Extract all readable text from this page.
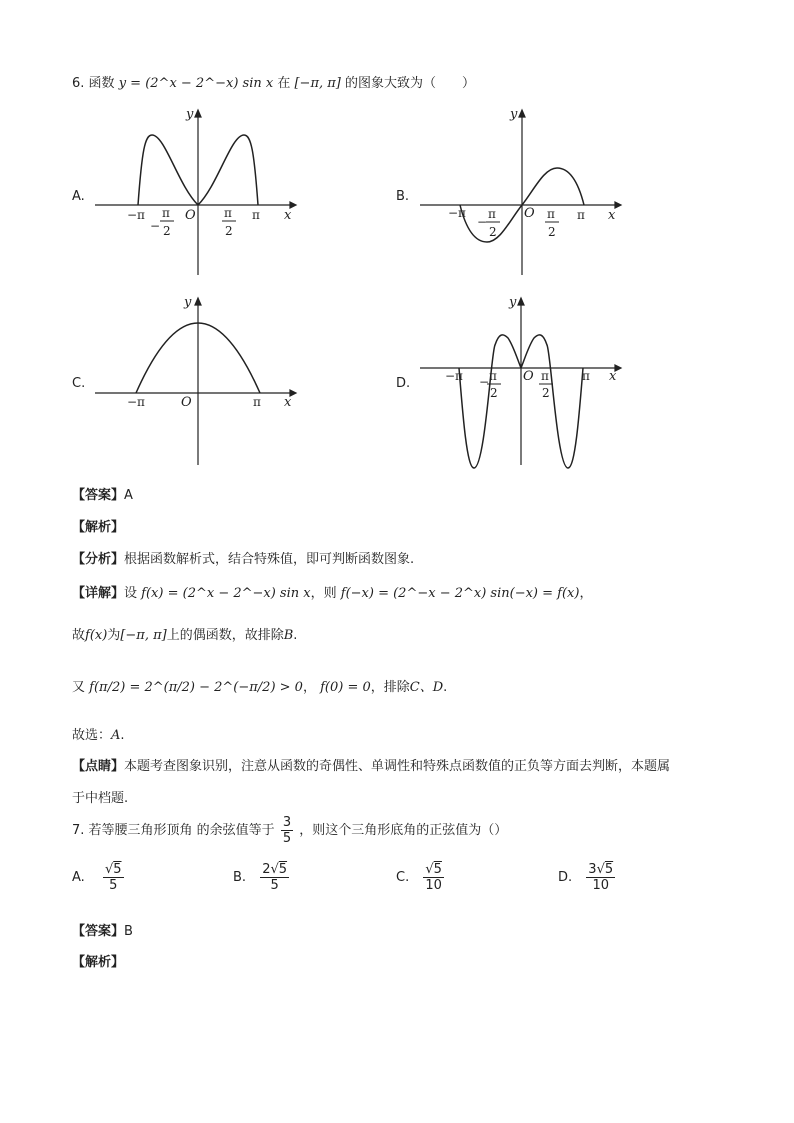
6. 函数 y = (2^x − 2^−x) sin x 在 [−π, π] 的图象大致为（　　）
A.	B.
C.	D.
y
x
O
−π	π
−
π
2
π
2
y
x
O
−π	π
−
π
2
π
2
y
x
O
−π	π
y
x
O
−π	π
− π
2
π
2
【答案】A
【解析】
【分析】根据函数解析式，结合特殊值，即可判断函数图象.
【详解】设 f(x) = (2^x − 2^−x) sin x，则 f(−x) = (2^−x − 2^x) sin(−x) = f(x)，
故f(x)为[−π, π]上的偶函数，故排除B.
又 f(π/2) = 2^(π/2) − 2^(−π/2) > 0， f(0) = 0，排除C、D.
故选：A.
【点睛】本题考查图象识别，注意从函数的奇偶性、单调性和特殊点函数值的正负等方面去判断，本题属
于中档题.
7. 若等腰三角形顶角 的余弦值等于 $\frac{3}{5}$ ，则这个三角形底角的正弦值为（）
A. $\frac{√5}{5}$	B. $\frac{2√5}{5}$	C. $\frac{√5}{10}$	D. $\frac{3√5}{10}$
【答案】B
【解析】
